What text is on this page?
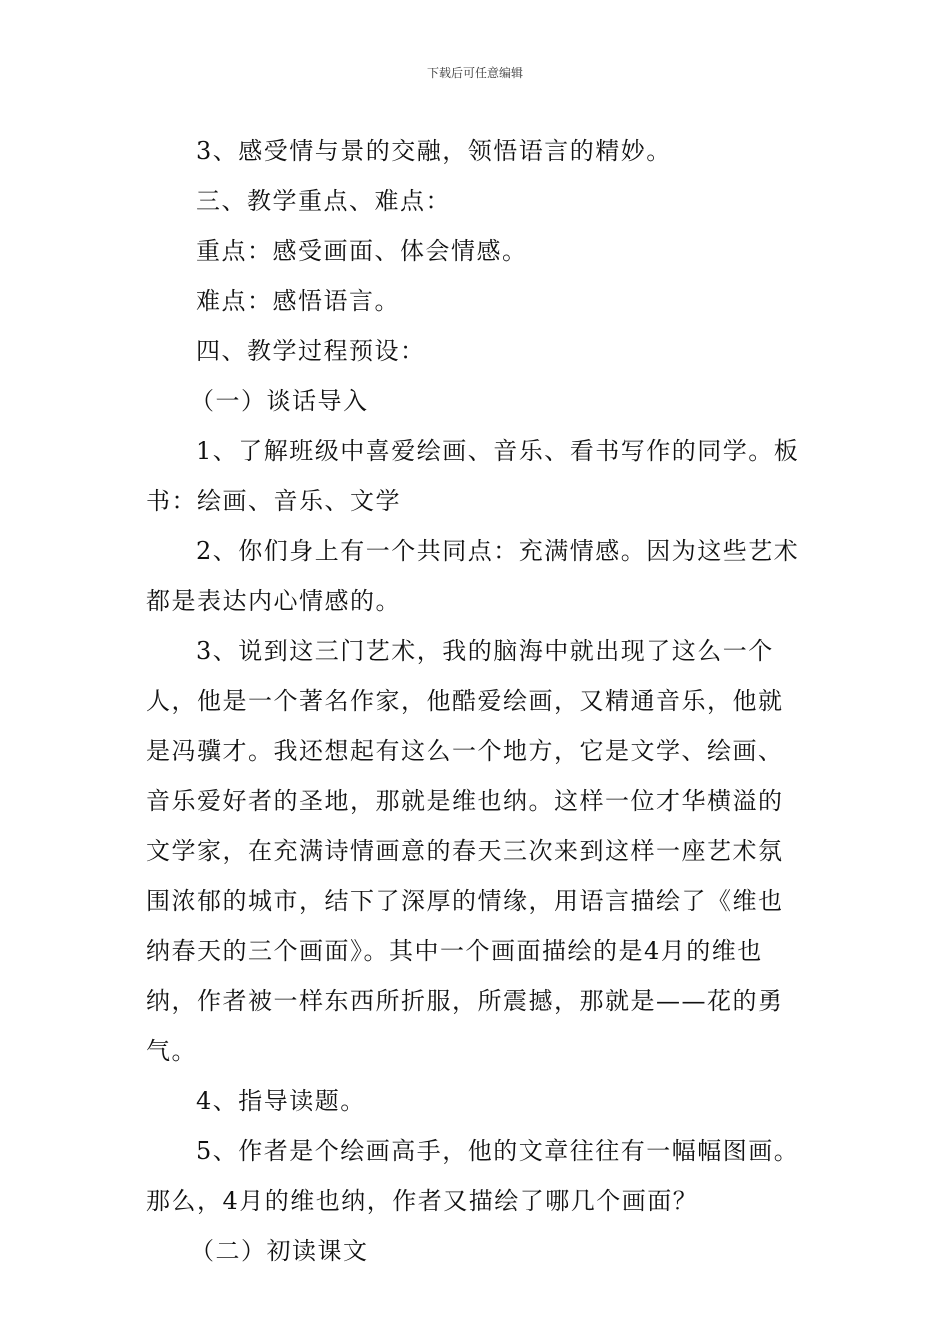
下载后可任意编辑

3、感受情与景的交融，领悟语言的精妙。

三、教学重点、难点：

重点：感受画面、体会情感。

难点：感悟语言。

四、教学过程预设：

（一）谈话导入

1、了解班级中喜爱绘画、音乐、看书写作的同学。板书：绘画、音乐、文学

2、你们身上有一个共同点：充满情感。因为这些艺术都是表达内心情感的。

3、说到这三门艺术，我的脑海中就出现了这么一个人，他是一个著名作家，他酷爱绘画，又精通音乐，他就是冯骥才。我还想起有这么一个地方，它是文学、绘画、音乐爱好者的圣地，那就是维也纳。这样一位才华横溢的文学家，在充满诗情画意的春天三次来到这样一座艺术氛围浓郁的城市，结下了深厚的情缘，用语言描绘了《维也纳春天的三个画面》。其中一个画面描绘的是4月的维也纳，作者被一样东西所折服，所震撼，那就是——花的勇气。

4、指导读题。

5、作者是个绘画高手，他的文章往往有一幅幅图画。那么，4月的维也纳，作者又描绘了哪几个画面？

（二）初读课文
